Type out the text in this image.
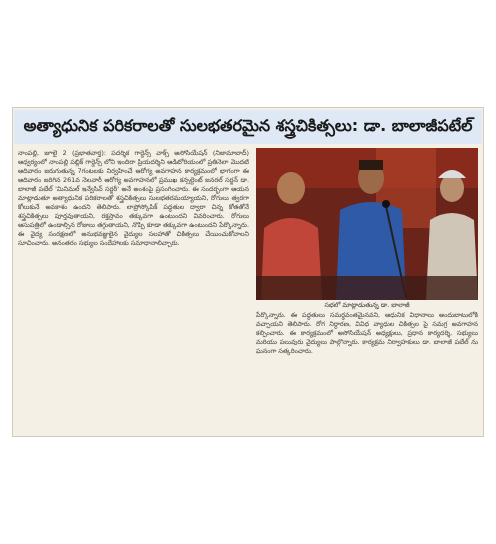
అత్యాధునిక పరికరాలతో సులభతరమైన శస్త్రచికిత్సలు: డా. బాలాజీపటేల్
నాంపల్లి, జూలై 2 (ప్రభాతవార్త): పదర్శిక గార్డెన్స్ వాక్స్ అసోసియేషన్ (నిజామాబాద్) ఆధ్వర్యంలో నాంపల్లి పబ్లిక్ గార్డెన్స్ లోని ఇందిరా ప్రియదర్శిని ఆడిటోరియంలో ప్రతినెలా మొదటి ఆదివారం జరుగుతున్న 7గంటలకు నిర్వహించే ఆరోగ్య అవగాహన కార్యక్రమంలో భాగంగా ఈ ఆదివారం జరిగిన 261వ నెలవారీ ఆరోగ్య అవగాహనలో ప్రముఖ కన్సల్టెంట్ జనరల్ సర్జన్ డా. బాలాజీ పటేల్ 'మినిమల్ ఇన్వేసివ్ సర్జరీ' అనే అంశంపై ప్రసంగించారు. ఈ సందర్భంగా ఆయన మాట్లాడుతూ అత్యాధునిక పరికరాలతో శస్త్రచికిత్సలు సులభతరమయ్యాయని, రోగులు త్వరగా కోలుకునే అవకాశం ఉందని తెలిపారు. లాప్రోస్కోపిక్ పద్ధతుల ద్వారా చిన్న కోతతోనే శస్త్రచికిత్సలు పూర్తవుతాయని, రక్తస్రావం తక్కువగా ఉంటుందని వివరించారు. రోగులు ఆసుపత్రిలో ఉండాల్సిన రోజులు తగ్గుతాయని, నొప్పి కూడా తక్కువగా ఉంటుందని పేర్కొన్నారు. ఈ వైద్య సంరక్షణలో అనుభవజ్ఞులైన వైద్యుల సలహాతో చికిత్సలు చేయించుకోవాలని సూచించారు. అనంతరం సభ్యుల సందేహాలకు సమాధానాలిచ్చారు.
సభలో మాట్లాడుతున్న డా. బాలాజీ
పేర్కొన్నారు. ఈ పద్ధతులు సమర్థవంతమైనవని, ఆధునిక విధానాలు అందుబాటులోకి వచ్చాయని తెలిపారు. రోగ నిర్ధారణ, వివిధ వ్యాధుల చికిత్సల పై సమగ్ర అవగాహన కల్పించారు. ఈ కార్యక్రమంలో అసోసియేషన్ అధ్యక్షులు, ప్రధాన కార్యదర్శి, సభ్యులు మరియు పలువురు వైద్యులు పాల్గొన్నారు. కార్యక్రమ నిర్వాహకులు డా. బాలాజీ పటేల్ ను ఘనంగా సత్కరించారు.
